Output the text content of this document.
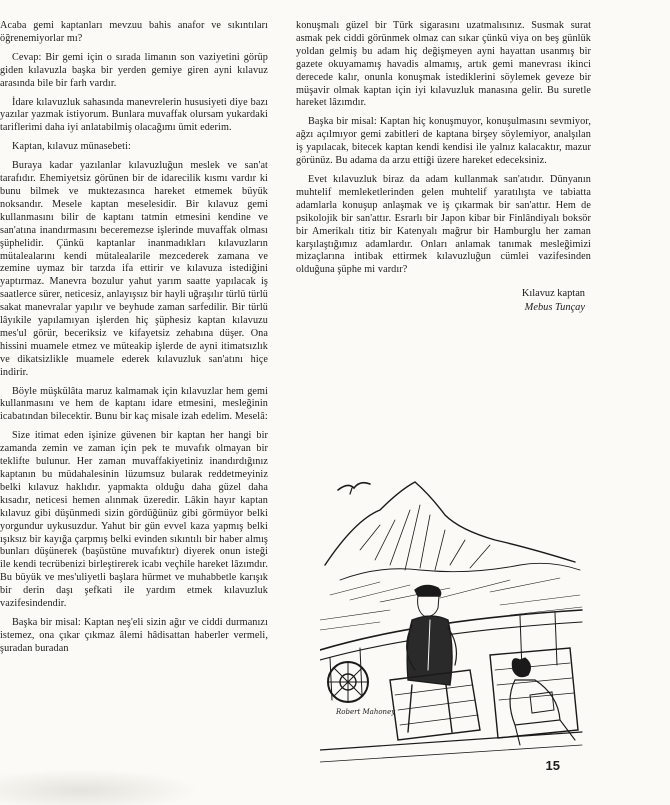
Acaba gemi kaptanları mevzuu bahis anafor ve sıkıntıları öğrenemiyorlar mı?

Cevap: Bir gemi için o sırada limanın son vaziyetini görüp giden kılavuzla başka bir yerden gemiye giren ayni kılavuz arasında bile bir farh vardır.

İdare kılavuzluk sahasında manevrelerin hususiyeti diye bazı yazılar yazmak istiyorum. Bunlara muvaffak olursam yukardaki tariflerimi daha iyi anlatabilmiş olacağımı ümit ederim.

Kaptan, kılavuz münasebeti:

Buraya kadar yazılanlar kılavuzluğun meslek ve san'at tarafıdır. Ehemiyetsiz görünen bir de idarecilik kısmı vardır ki bunu bilmek ve muktezasınca hareket etmemek büyük noksandır. Mesele kaptan meselesidir. Bir kılavuz gemi kullanmasını bilir de kaptanı tatmin etmesini kendine ve san'atına inandırmasını beceremezse işlerinde muvaffak olması şüphelidir. Çünkü kaptanlar inanmadıkları kılavuzların mütalealarını kendi mütalealarile mezcederek zamana ve zemine uymaz bir tarzda ifa ettirir ve kılavuza istediğini yaptırmaz. Manevra bozulur yahut yarım saatte yapılacak iş saatlerce sürer, neticesiz, anlayışsız bir hayli uğraşılır türlü türlü sakat manevralar yapılır ve beyhude zaman sarfedilir. Bir türlü lâyıkile yapılamıyan işlerden hiç şüphesiz kaptan kılavuzu mes'ul görür, beceriksiz ve kifayetsiz zehabına düşer. Ona hissini muamele etmez ve müteakip işlerde de ayni itimatsızlık ve dikatsizlikle muamele ederek kılavuzluk san'atını hiçe indirir.

Böyle müşkülâta maruz kalmamak için kılavuzlar hem gemi kullanmasını ve hem de kaptanı idare etmesini, mesleğinin icabatından bilecektir. Bunu bir kaç misale izah edelim. Meselâ:

Size itimat eden işinize güvenen bir kaptan her hangi bir zamanda zemin ve zaman için pek te muvafık olmayan bir teklifte bulunur. Her zaman muvaffakiyetiniz inandırdığınız kaptanın bu müdahalesinin lüzumsuz bularak reddetmeyiniz belki kılavuz haklıdır. yapmakta olduğu daha güzel daha kısadır, neticesi hemen alınmak üzeredir. Lâkin hayır kaptan kılavuz gibi düşünmedi sizin gördüğünüz gibi görmüyor belki yorgundur uykusuzdur. Yahut bir gün evvel kaza yapmış belki ışıksız bir kayığa çarpmış belki evinden sıkıntılı bir haber almış bunları düşünerek (başüstüne muvafıktır) diyerek onun isteği ile kendi tecrübenizi birleştirerek icabı veçhile hareket lâzımdır. Bu büyük ve mes'uliyetli başlara hürmet ve muhabbetle karışık bir derin daşı şefkati ile yardım etmek kılavuzluk vazifesindendir.

Başka bir misal: Kaptan neş'eli sizin ağır ve ciddi durmanızı istemez, ona çıkar çıkmaz âlemi hâdisattan haberler vermeli, şuradan buradan

konuşmalı güzel bir Türk sigarasını uzatmalısınız. Susmak surat asmak pek ciddi görünmek olmaz can sıkar çünkü viya on beş günlük yoldan gelmiş bu adam hiç değişmeyen ayni hayattan usanmış bir gazete okuyamamış havadis almamış, artık gemi manevrası ikinci derecede kalır, onunla konuşmak istediklerini söylemek geveze bir müşavir olmak kaptan için iyi kılavuzluk manasına gelir. Bu suretle hareket lâzımdır.

Başka bir misal: Kaptan hiç konuşmuyor, konuşulmasını sevmiyor, ağzı açılmıyor gemi zabitleri de kaptana birşey söylemiyor, analşılan iş yapılacak, bitecek kaptan kendi kendisi ile yalnız kalacaktır, mazur görünüz. Bu adama da arzu ettiği üzere hareket edeceksiniz.

Evet kılavuzluk biraz da adam kullanmak san'atıdır. Dünyanın muhtelif memleketlerinden gelen muhtelif yaratılışta ve tabiatta adamlarla konuşup anlaşmak ve iş çıkarmak bir san'attır. Hem de psikolojik bir san'attır. Esrarlı bir Japon kibar bir Finlândiyalı boksör bir Amerikalı titiz bir Katenyalı mağrur bir Hamburglu her zaman karşılaştığımız adamlardır. Onları anlamak tanımak mesleğimizi mizaçlarına intibak ettirmek kılavuzluğun cümlei vazifesinden olduğuna şüphe mi vardır?

Kılavuz kaptan
Mebus Tunçay
Robert Mahoney
15
